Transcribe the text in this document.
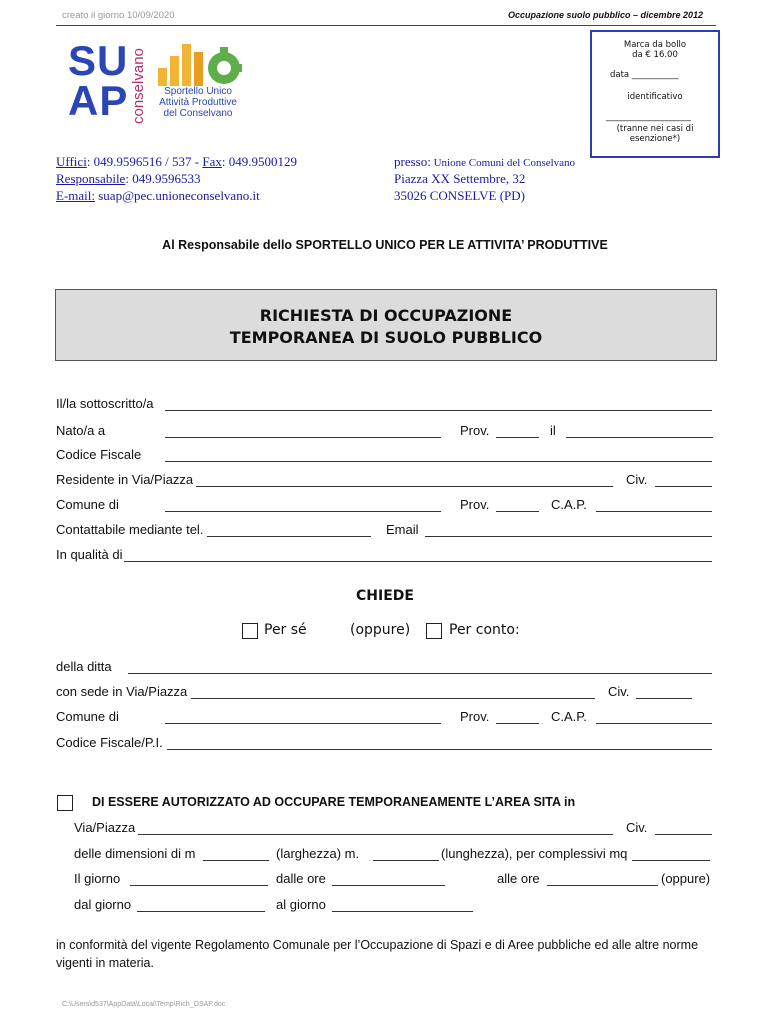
creato il giorno 10/09/2020	Occupazione suolo pubblico – dicembre 2012
SU
AP conselvano	Sportello Unico
Attività Produttive
del Conselvano
Marca da bollo
da € 16.00
data ___________
identificativo
____________________
(tranne nei casi di
esenzione*)
Uffici: 049.9596516 / 537 - Fax: 049.9500129
Responsabile: 049.9596533
E-mail: suap@pec.unioneconselvano.it
presso: Unione Comuni del Conselvano
Piazza XX Settembre, 32
35026 CONSELVE (PD)
Al Responsabile dello SPORTELLO UNICO PER LE ATTIVITA’ PRODUTTIVE
RICHIESTA DI OCCUPAZIONE
TEMPORANEA DI SUOLO PUBBLICO
Il/la sottoscritto/a
Nato/a a	Prov.	il
Codice Fiscale
Residente in Via/Piazza	Civ.
Comune di	Prov.	C.A.P.
Contattabile mediante tel.	Email
In qualità di
CHIEDE
Per sé	(oppure)	Per conto:
della ditta
con sede in Via/Piazza	Civ.
Comune di	Prov.	C.A.P.
Codice Fiscale/P.I.
DI ESSERE AUTORIZZATO AD OCCUPARE TEMPORANEAMENTE L’AREA SITA in
Via/Piazza	Civ.
delle dimensioni di m	(larghezza) m.	(lunghezza), per complessivi mq
Il giorno	dalle ore	alle ore	(oppure)
dal giorno	al giorno
in conformità del vigente Regolamento Comunale per l’Occupazione di Spazi e di Aree pubbliche ed alle altre norme
vigenti in materia.
C:\Users\d537\AppData\Local\Temp\Rich_OSAP.doc
